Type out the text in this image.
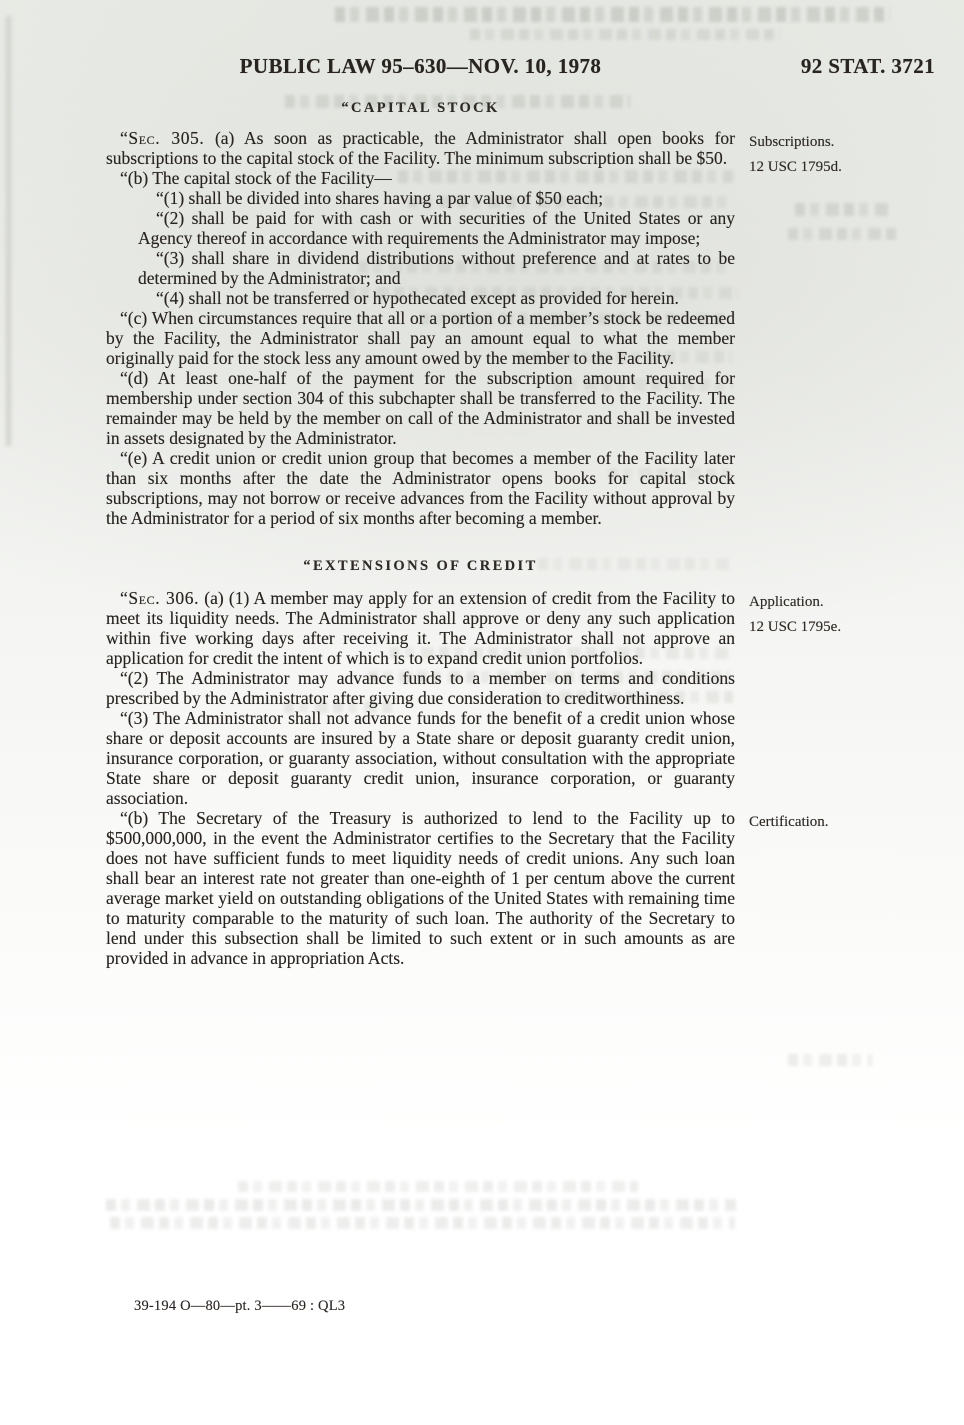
PUBLIC LAW 95–630—NOV. 10, 1978	92 STAT. 3721
“CAPITAL STOCK

“Sec. 305. (a) As soon as practicable, the Administrator shall open books for subscriptions to the capital stock of the Facility. The minimum subscription shall be $50.
Subscriptions.
12 USC 1795d.

“(b) The capital stock of the Facility—

“(1) shall be divided into shares having a par value of $50 each;

“(2) shall be paid for with cash or with securities of the United States or any Agency thereof in accordance with requirements the Administrator may impose;

“(3) shall share in dividend distributions without preference and at rates to be determined by the Administrator; and

“(4) shall not be transferred or hypothecated except as provided for herein.

“(c) When circumstances require that all or a portion of a member’s stock be redeemed by the Facility, the Administrator shall pay an amount equal to what the member originally paid for the stock less any amount owed by the member to the Facility.

“(d) At least one-half of the payment for the subscription amount required for membership under section 304 of this subchapter shall be transferred to the Facility. The remainder may be held by the member on call of the Administrator and shall be invested in assets designated by the Administrator.

“(e) A credit union or credit union group that becomes a member of the Facility later than six months after the date the Administrator opens books for capital stock subscriptions, may not borrow or receive advances from the Facility without approval by the Administrator for a period of six months after becoming a member.

“EXTENSIONS OF CREDIT

“Sec. 306. (a) (1) A member may apply for an extension of credit from the Facility to meet its liquidity needs. The Administrator shall approve or deny any such application within five working days after receiving it. The Administrator shall not approve an application for credit the intent of which is to expand credit union portfolios.
Application.
12 USC 1795e.

“(2) The Administrator may advance funds to a member on terms and conditions prescribed by the Administrator after giving due consideration to creditworthiness.

“(3) The Administrator shall not advance funds for the benefit of a credit union whose share or deposit accounts are insured by a State share or deposit guaranty credit union, insurance corporation, or guaranty association, without consultation with the appropriate State share or deposit guaranty credit union, insurance corporation, or guaranty association.

“(b) The Secretary of the Treasury is authorized to lend to the Facility up to $500,000,000, in the event the Administrator certifies to the Secretary that the Facility does not have sufficient funds to meet liquidity needs of credit unions. Any such loan shall bear an interest rate not greater than one-eighth of 1 per centum above the current average market yield on outstanding obligations of the United States with remaining time to maturity comparable to the maturity of such loan. The authority of the Secretary to lend under this subsection shall be limited to such extent or in such amounts as are provided in advance in appropriation Acts.
Certification.

39-194 O—80—pt. 3——69 : QL3
